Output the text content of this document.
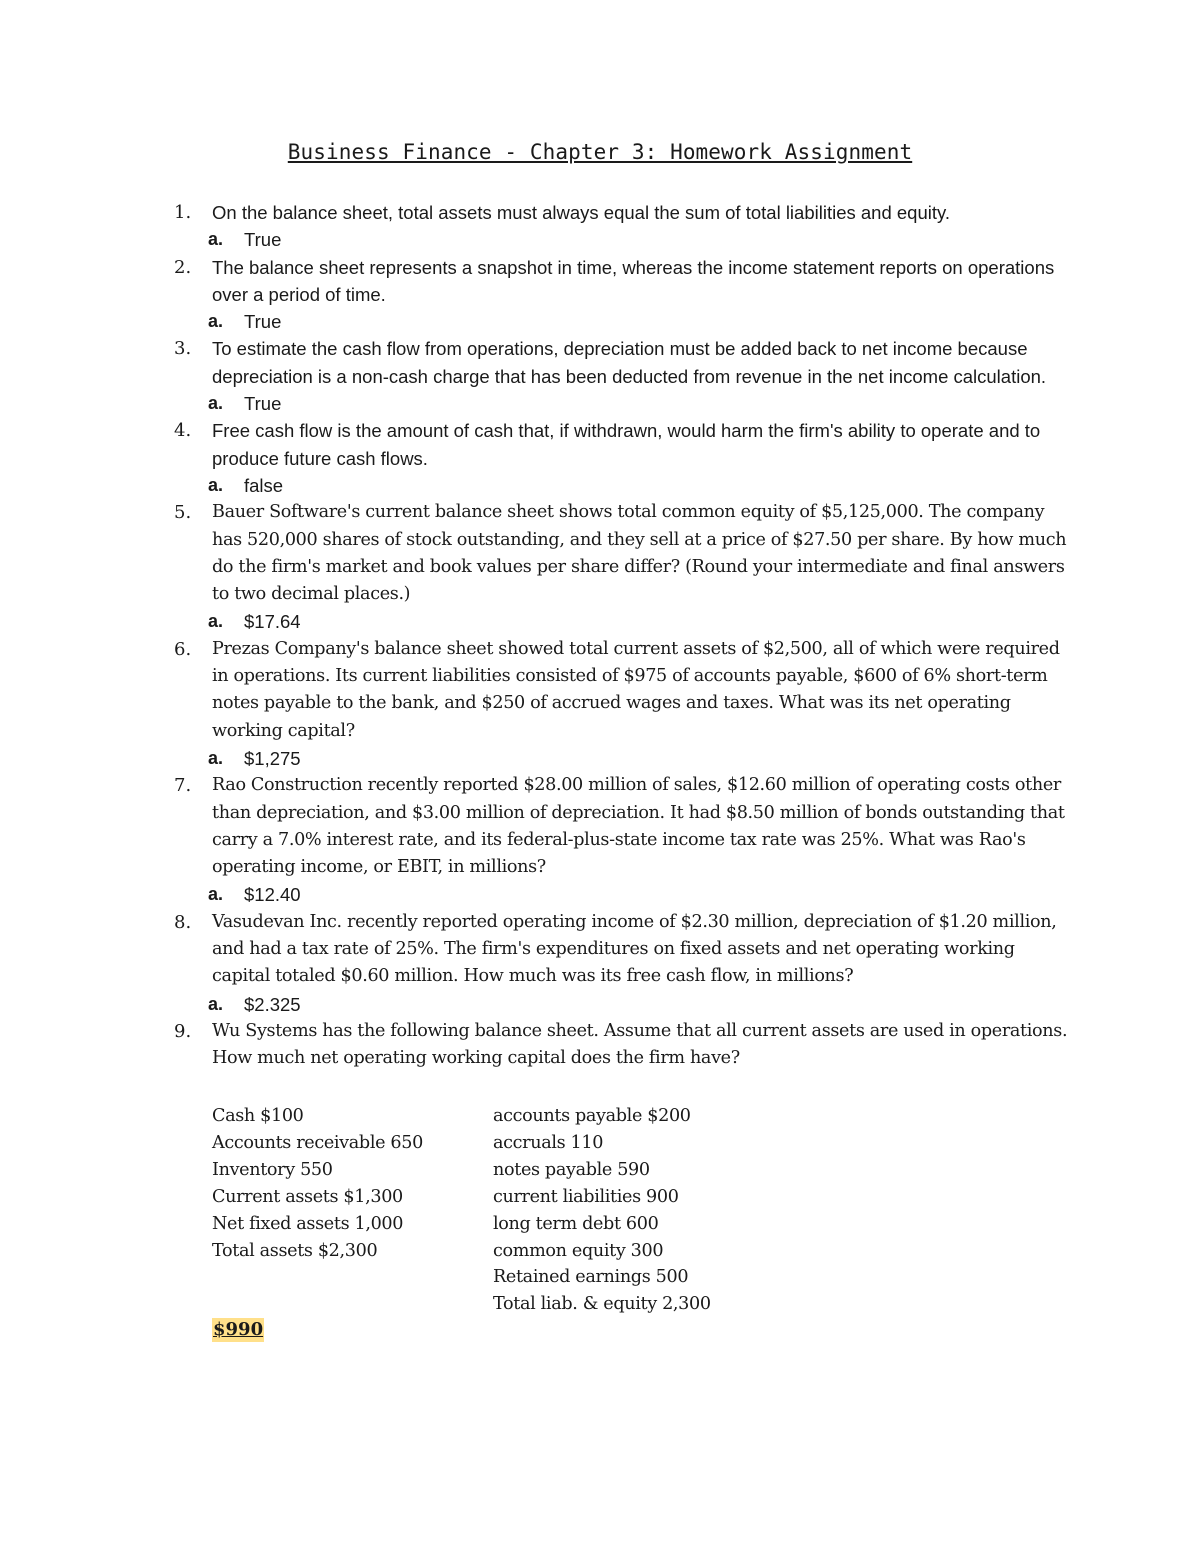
Business Finance - Chapter 3: Homework Assignment
1. On the balance sheet, total assets must always equal the sum of total liabilities and equity.

a. True
2. The balance sheet represents a snapshot in time, whereas the income statement reports on operations over a period of time.

a. True
3. To estimate the cash flow from operations, depreciation must be added back to net income because depreciation is a non-cash charge that has been deducted from revenue in the net income calculation.

a. True
4. Free cash flow is the amount of cash that, if withdrawn, would harm the firm's ability to operate and to produce future cash flows.

a. false
5. Bauer Software's current balance sheet shows total common equity of $5,125,000. The company has 520,000 shares of stock outstanding, and they sell at a price of $27.50 per share. By how much do the firm's market and book values per share differ? (Round your intermediate and final answers to two decimal places.)

a. $17.64
6. Prezas Company's balance sheet showed total current assets of $2,500, all of which were required in operations. Its current liabilities consisted of $975 of accounts payable, $600 of 6% short-term notes payable to the bank, and $250 of accrued wages and taxes. What was its net operating working capital?

a. $1,275
7. Rao Construction recently reported $28.00 million of sales, $12.60 million of operating costs other than depreciation, and $3.00 million of depreciation. It had $8.50 million of bonds outstanding that carry a 7.0% interest rate, and its federal-plus-state income tax rate was 25%. What was Rao's operating income, or EBIT, in millions?

a. $12.40
8. Vasudevan Inc. recently reported operating income of $2.30 million, depreciation of $1.20 million, and had a tax rate of 25%. The firm's expenditures on fixed assets and net operating working capital totaled $0.60 million. How much was its free cash flow, in millions?

a. $2.325
9. Wu Systems has the following balance sheet. Assume that all current assets are used in operations. How much net operating working capital does the firm have?

Cash $100
Accounts receivable 650
Inventory 550
Current assets $1,300
Net fixed assets 1,000
Total assets $2,300
accounts payable $200
accruals 110
notes payable 590
current liabilities 900
long term debt 600
common equity 300
Retained earnings 500
Total liab. & equity 2,300
$990
